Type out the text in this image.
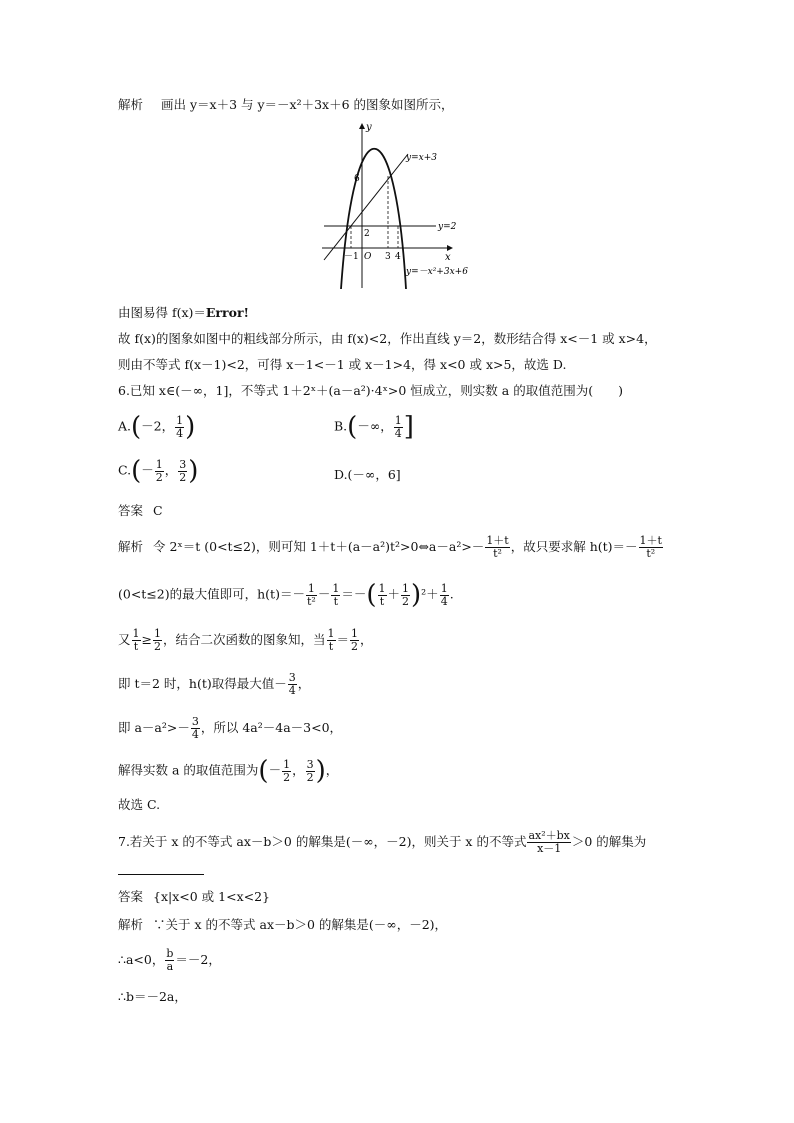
解析 画出 y＝x＋3 与 y＝－x²＋3x＋6 的图象如图所示，
y
x
y=x+3
y=2
y=－x²+3x+6
6
2
－1 O 3 4
由图易得 f(x)＝Error!
故 f(x)的图象如图中的粗线部分所示，由 f(x)<2，作出直线 y＝2，数形结合得 x<－1 或 x>4，
则由不等式 f(x－1)<2，可得 x－1<－1 或 x－1>4，得 x<0 或 x>5，故选 D.
6.已知 x∈(－∞，1]，不等式 1＋2ˣ＋(a－a²)·4ˣ>0 恒成立，则实数 a 的取值范围为(　　)
A.(－2， $\frac{1}{4}$ )	B.(－∞， $\frac{1}{4}$ ]
$C.(- \frac{1}{2}$ ， $\frac{3}{2}$ )	D.(－∞，6]
答案 C
解析 令 2ˣ＝t (0<t≤2)，则可知 1＋t＋(a－a²)t²>0⇔a－a²>－ $\frac{1+t}{\text{t²}}$ ，故只要求解 $h(t)=- \frac{1+t}{\text{t²}}$
(0<t≤2)的最大值即可，$h(t)=- \frac{1}{\text{t²}} - \frac{1}{t}$ ＝－( $\frac{1}{t} + \frac{1}{2} )^2+ \frac{1}{4}$ .
又 $\frac{1}{t} \ge \frac{1}{2}$ ，结合二次函数的图象知，当 $\frac{1}{t} = \frac{1}{2}$ ，
即 t＝2 时，h(t)取得最大值－ $\frac{3}{4}$ ，
即 $a-a^2>- \frac{3}{4}$ ，所以 4a²－4a－3<0，
解得实数 a 的取值范围为(－ $\frac{1}{2}$ ， $\frac{3}{2}$ )，
故选 C.
7.若关于 x 的不等式 ax－b＞0 的解集是(－∞，－2)，则关于 x 的不等式 $\frac{\text{ax²＋bx}}{x-1} >0$ 的解集为
答案 {x|x<0 或 1<x<2}
解析 ∵关于 x 的不等式 ax－b＞0 的解集是(－∞，－2)，
∴a<0， $\frac{b}{a} =-2$，
∴b＝－2a，
